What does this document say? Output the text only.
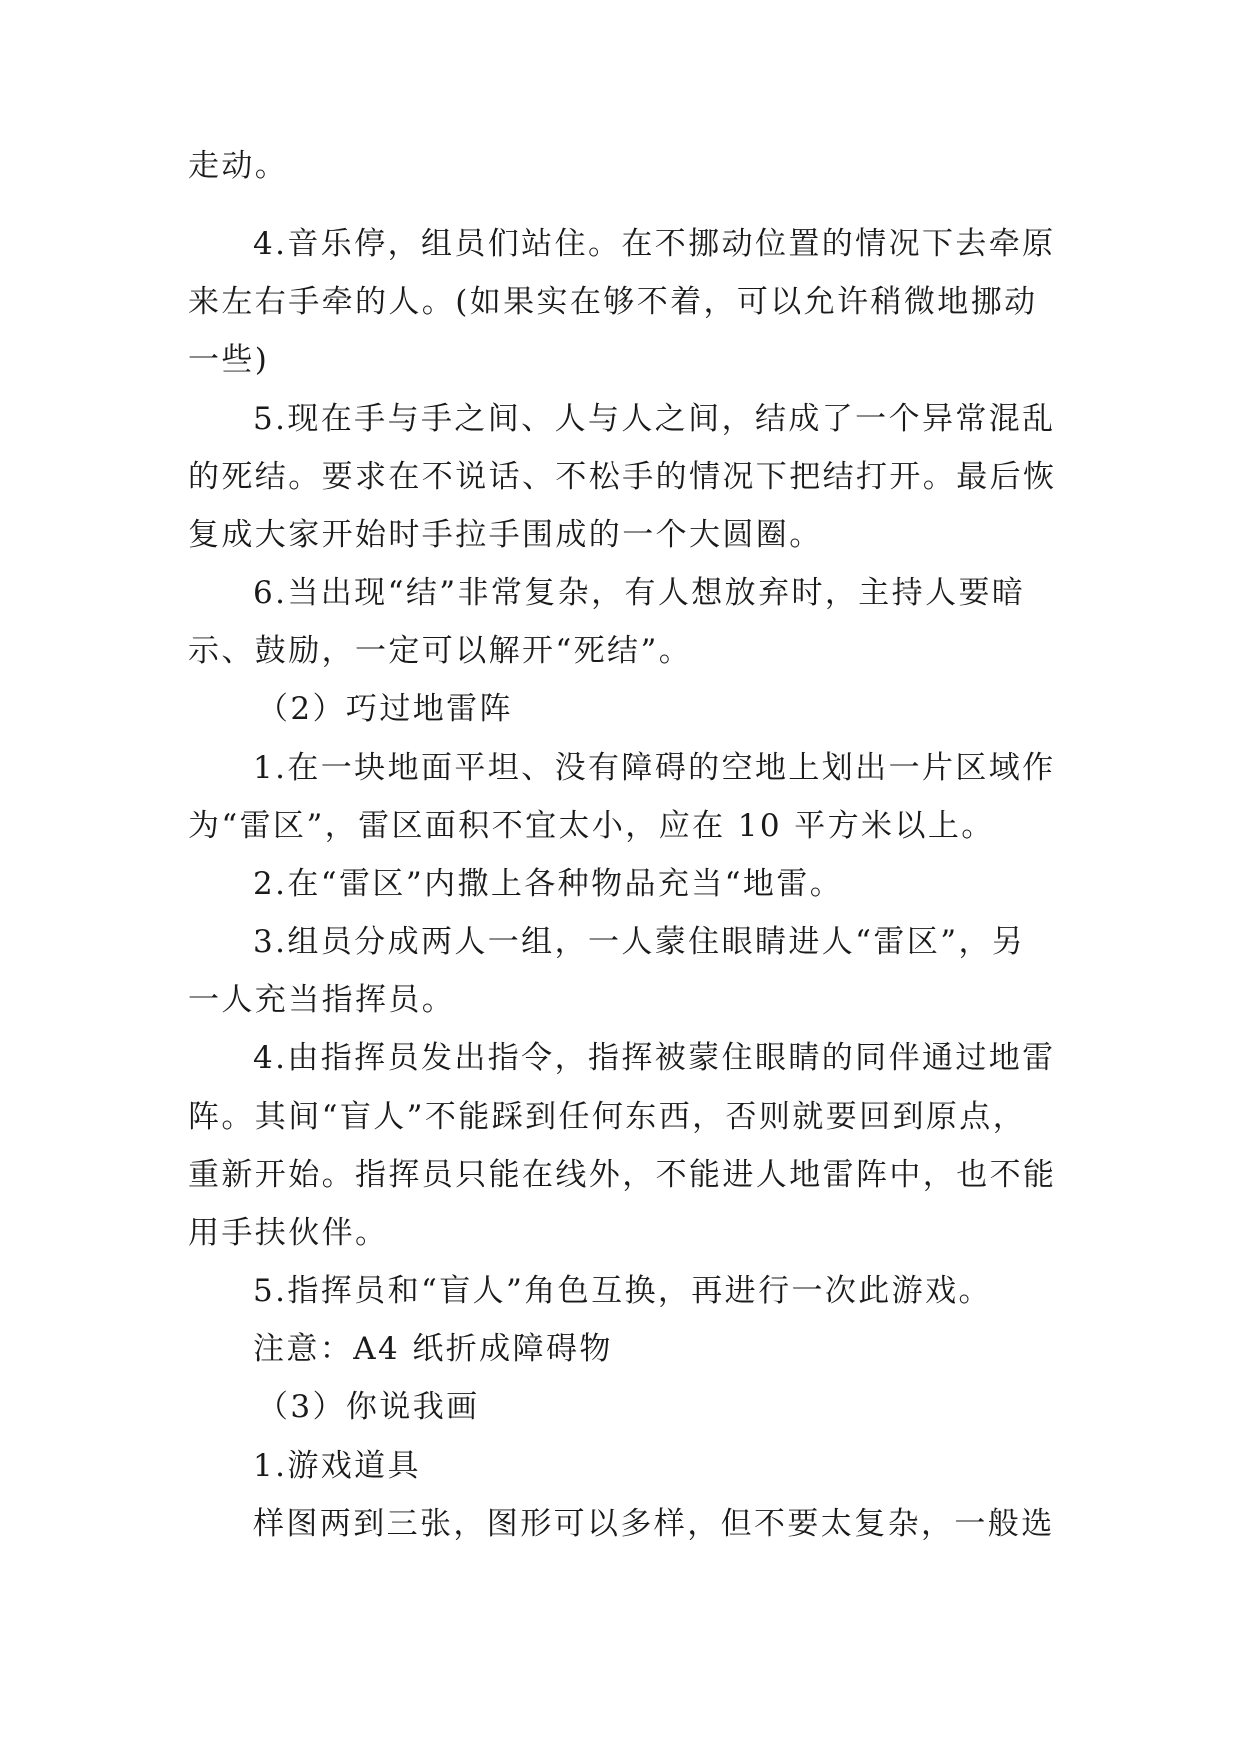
走动。
4.音乐停，组员们站住。在不挪动位置的情况下去牵原
来左右手牵的人。(如果实在够不着，可以允许稍微地挪动
一些)
5.现在手与手之间、人与人之间，结成了一个异常混乱
的死结。要求在不说话、不松手的情况下把结打开。最后恢
复成大家开始时手拉手围成的一个大圆圈。
6.当出现“结”非常复杂，有人想放弃时，主持人要暗
示、鼓励，一定可以解开“死结”。
（2）巧过地雷阵
1.在一块地面平坦、没有障碍的空地上划出一片区域作
为“雷区”，雷区面积不宜太小，应在 10 平方米以上。
2.在“雷区”内撒上各种物品充当“地雷。
3.组员分成两人一组，一人蒙住眼睛进人“雷区”，另
一人充当指挥员。
4.由指挥员发出指令，指挥被蒙住眼睛的同伴通过地雷
阵。其间“盲人”不能踩到任何东西，否则就要回到原点，
重新开始。指挥员只能在线外，不能进人地雷阵中，也不能
用手扶伙伴。
5.指挥员和“盲人”角色互换，再进行一次此游戏。
注意：A4 纸折成障碍物
（3）你说我画
1.游戏道具
样图两到三张，图形可以多样，但不要太复杂，一般选
